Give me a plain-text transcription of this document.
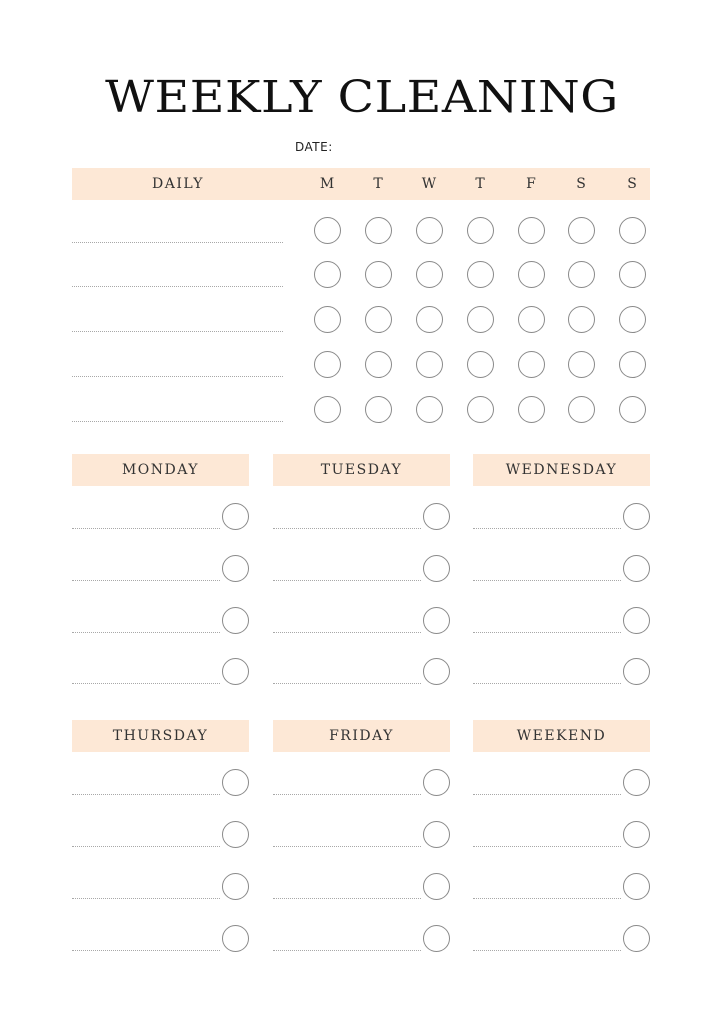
WEEKLY CLEANING
DATE:
DAILY	M	T	W	T	F	S	S
MONDAY	TUESDAY	WEDNESDAY
THURSDAY	FRIDAY	WEEKEND
